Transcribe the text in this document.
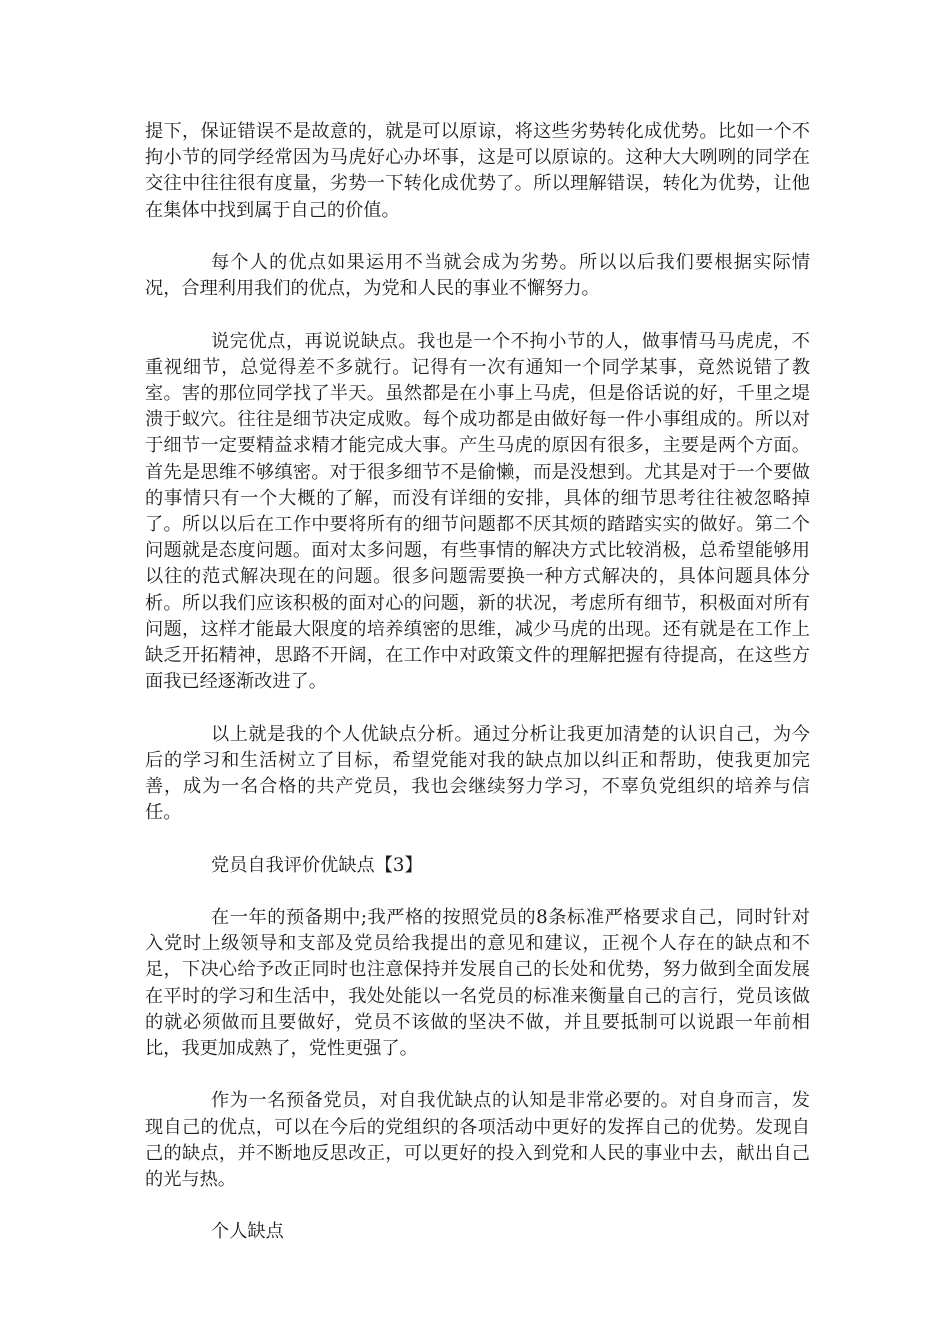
提下，保证错误不是故意的，就是可以原谅，将这些劣势转化成优势。比如一个不拘小节的同学经常因为马虎好心办坏事，这是可以原谅的。这种大大咧咧的同学在交往中往往很有度量，劣势一下转化成优势了。所以理解错误，转化为优势，让他在集体中找到属于自己的价值。

每个人的优点如果运用不当就会成为劣势。所以以后我们要根据实际情况，合理利用我们的优点，为党和人民的事业不懈努力。

说完优点，再说说缺点。我也是一个不拘小节的人，做事情马马虎虎，不重视细节，总觉得差不多就行。记得有一次有通知一个同学某事，竟然说错了教室。害的那位同学找了半天。虽然都是在小事上马虎，但是俗话说的好，千里之堤溃于蚁穴。往往是细节决定成败。每个成功都是由做好每一件小事组成的。所以对于细节一定要精益求精才能完成大事。产生马虎的原因有很多，主要是两个方面。首先是思维不够缜密。对于很多细节不是偷懒，而是没想到。尤其是对于一个要做的事情只有一个大概的了解，而没有详细的安排，具体的细节思考往往被忽略掉了。所以以后在工作中要将所有的细节问题都不厌其烦的踏踏实实的做好。第二个问题就是态度问题。面对太多问题，有些事情的解决方式比较消极，总希望能够用以往的范式解决现在的问题。很多问题需要换一种方式解决的，具体问题具体分析。所以我们应该积极的面对心的问题，新的状况，考虑所有细节，积极面对所有问题，这样才能最大限度的培养缜密的思维，减少马虎的出现。还有就是在工作上缺乏开拓精神，思路不开阔，在工作中对政策文件的理解把握有待提高，在这些方面我已经逐渐改进了。

以上就是我的个人优缺点分析。通过分析让我更加清楚的认识自己，为今后的学习和生活树立了目标，希望党能对我的缺点加以纠正和帮助，使我更加完善，成为一名合格的共产党员，我也会继续努力学习，不辜负党组织的培养与信任。

党员自我评价优缺点【3】

在一年的预备期中;我严格的按照党员的8条标准严格要求自己，同时针对入党时上级领导和支部及党员给我提出的意见和建议，正视个人存在的缺点和不足，下决心给予改正同时也注意保持并发展自己的长处和优势，努力做到全面发展在平时的学习和生活中，我处处能以一名党员的标准来衡量自己的言行，党员该做的就必须做而且要做好，党员不该做的坚决不做，并且要抵制可以说跟一年前相比，我更加成熟了，党性更强了。

作为一名预备党员，对自我优缺点的认知是非常必要的。对自身而言，发现自己的优点，可以在今后的党组织的各项活动中更好的发挥自己的优势。发现自己的缺点，并不断地反思改正，可以更好的投入到党和人民的事业中去，献出自己的光与热。

个人缺点
